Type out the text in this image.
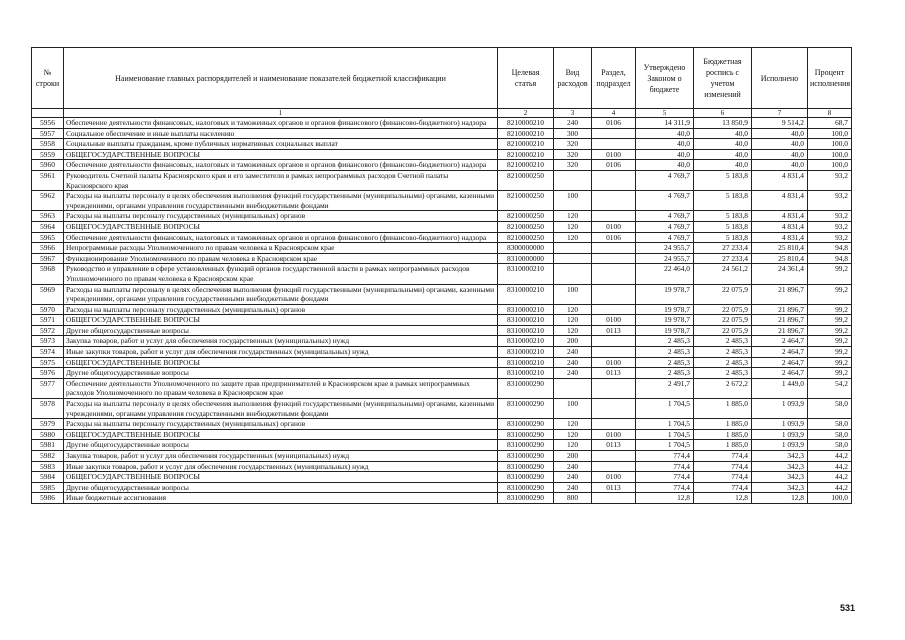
№ строки	Наименование главных распорядителей и наименование показателей бюджетной классификации	Целевая статья	Вид расходов	Раздел, подраздел	Утверждено Законом о бюджете	Бюджетная роспись с учетом изменений	Исполнено	Процент исполнения
	1	2	3	4	5	6	7	8
5956	Обеспечение деятельности финансовых, налоговых и таможенных органов и органов финансового (финансово-бюджетного) надзора	8210000210	240	0106	14 311,9	13 850,9	9 514,2	68,7
5957	Социальное обеспечение и иные выплаты населению	8210000210	300		40,0	40,0	40,0	100,0
5958	Социальные выплаты гражданам, кроме публичных нормативных социальных выплат	8210000210	320		40,0	40,0	40,0	100,0
5959	ОБЩЕГОСУДАРСТВЕННЫЕ ВОПРОСЫ	8210000210	320	0100	40,0	40,0	40,0	100,0
5960	Обеспечение деятельности финансовых, налоговых и таможенных органов и органов финансового (финансово-бюджетного) надзора	8210000210	320	0106	40,0	40,0	40,0	100,0
5961	Руководитель Счетной палаты Красноярского края и его заместители в рамках непрограммных расходов Счетной палаты Красноярского края	8210000250			4 769,7	5 183,8	4 831,4	93,2
5962	Расходы на выплаты персоналу в целях обеспечения выполнения функций государственными (муниципальными) органами, казенными учреждениями, органами управления государственными внебюджетными фондами	8210000250	100		4 769,7	5 183,8	4 831,4	93,2
5963	Расходы на выплаты персоналу государственных (муниципальных) органов	8210000250	120		4 769,7	5 183,8	4 831,4	93,2
5964	ОБЩЕГОСУДАРСТВЕННЫЕ ВОПРОСЫ	8210000250	120	0100	4 769,7	5 183,8	4 831,4	93,2
5965	Обеспечение деятельности финансовых, налоговых и таможенных органов и органов финансового (финансово-бюджетного) надзора	8210000250	120	0106	4 769,7	5 183,8	4 831,4	93,2
5966	Непрограммные расходы Уполномоченного по правам человека в Красноярском крае	8300000000			24 955,7	27 233,4	25 810,4	94,8
5967	Функционирование Уполномоченного по правам человека в Красноярском крае	8310000000			24 955,7	27 233,4	25 810,4	94,8
5968	Руководство и управление в сфере установленных функций органов государственной власти в рамках непрограммных расходов Уполномоченного по правам человека в Красноярском крае	8310000210			22 464,0	24 561,2	24 361,4	99,2
5969	Расходы на выплаты персоналу в целях обеспечения выполнения функций государственными (муниципальными) органами, казенными учреждениями, органами управления государственными внебюджетными фондами	8310000210	100		19 978,7	22 075,9	21 896,7	99,2
5970	Расходы на выплаты персоналу государственных (муниципальных) органов	8310000210	120		19 978,7	22 075,9	21 896,7	99,2
5971	ОБЩЕГОСУДАРСТВЕННЫЕ ВОПРОСЫ	8310000210	120	0100	19 978,7	22 075,9	21 896,7	99,2
5972	Другие общегосударственные вопросы	8310000210	120	0113	19 978,7	22 075,9	21 896,7	99,2
5973	Закупка товаров, работ и услуг для обеспечения государственных (муниципальных) нужд	8310000210	200		2 485,3	2 485,3	2 464,7	99,2
5974	Иные закупки товаров, работ и услуг для обеспечения государственных (муниципальных) нужд	8310000210	240		2 485,3	2 485,3	2 464,7	99,2
5975	ОБЩЕГОСУДАРСТВЕННЫЕ ВОПРОСЫ	8310000210	240	0100	2 485,3	2 485,3	2 464,7	99,2
5976	Другие общегосударственные вопросы	8310000210	240	0113	2 485,3	2 485,3	2 464,7	99,2
5977	Обеспечение деятельности Уполномоченного по защите прав предпринимателей в Красноярском крае в рамках непрограммных расходов Уполномоченного по правам человека в Красноярском крае	8310000290			2 491,7	2 672,2	1 449,0	54,2
5978	Расходы на выплаты персоналу в целях обеспечения выполнения функций государственными (муниципальными) органами, казенными учреждениями, органами управления государственными внебюджетными фондами	8310000290	100		1 704,5	1 885,0	1 093,9	58,0
5979	Расходы на выплаты персоналу государственных (муниципальных) органов	8310000290	120		1 704,5	1 885,0	1 093,9	58,0
5980	ОБЩЕГОСУДАРСТВЕННЫЕ ВОПРОСЫ	8310000290	120	0100	1 704,5	1 885,0	1 093,9	58,0
5981	Другие общегосударственные вопросы	8310000290	120	0113	1 704,5	1 885,0	1 093,9	58,0
5982	Закупка товаров, работ и услуг для обеспечения государственных (муниципальных) нужд	8310000290	200		774,4	774,4	342,3	44,2
5983	Иные закупки товаров, работ и услуг для обеспечения государственных (муниципальных) нужд	8310000290	240		774,4	774,4	342,3	44,2
5984	ОБЩЕГОСУДАРСТВЕННЫЕ ВОПРОСЫ	8310000290	240	0100	774,4	774,4	342,3	44,2
5985	Другие общегосударственные вопросы	8310000290	240	0113	774,4	774,4	342,3	44,2
5986	Иные бюджетные ассигнования	8310000290	800		12,8	12,8	12,8	100,0
531
